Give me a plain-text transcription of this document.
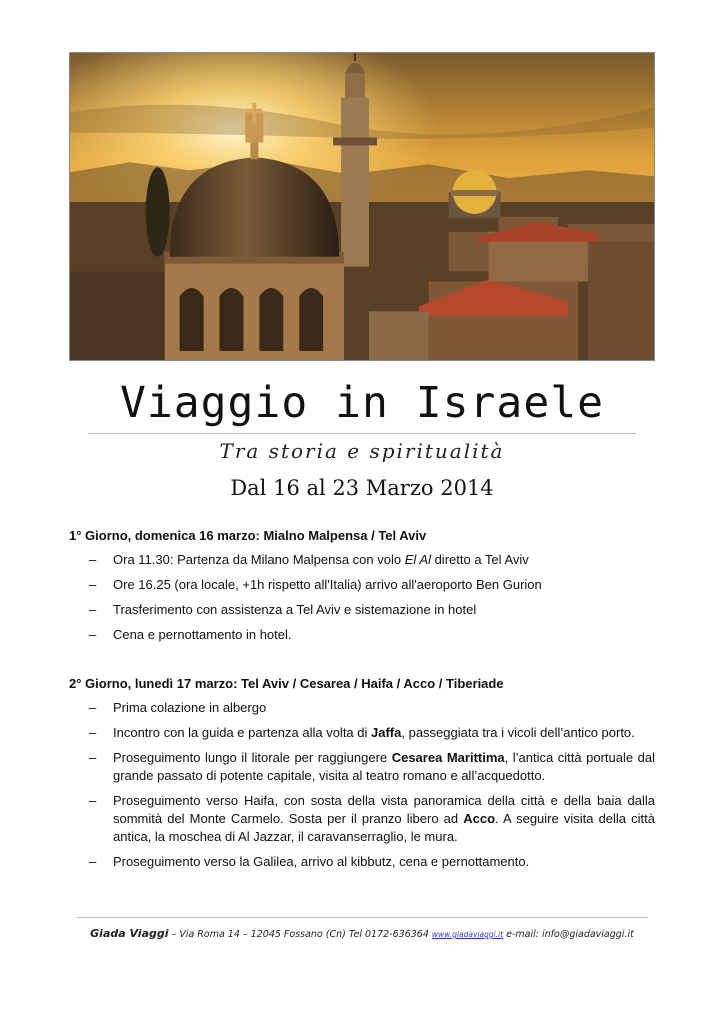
Viaggio in Israele
Tra storia e spiritualità
Dal 16 al 23 Marzo 2014
1° Giorno, domenica 16 marzo: Mialno Malpensa / Tel Aviv
– Ora 11.30: Partenza da Milano Malpensa con volo El Al diretto a Tel Aviv
– Ore 16.25 (ora locale, +1h rispetto all'Italia) arrivo all'aeroporto Ben Gurion
– Trasferimento con assistenza a Tel Aviv e sistemazione in hotel
– Cena e pernottamento in hotel.
2° Giorno, lunedì 17 marzo: Tel Aviv / Cesarea / Haifa / Acco / Tiberiade
– Prima colazione in albergo
– Incontro con la guida e partenza alla volta di Jaffa, passeggiata tra i vicoli dell’antico porto.
– Proseguimento lungo il litorale per raggiungere Cesarea Marittima, l’antica città portuale dal grande passato di potente capitale, visita al teatro romano e all’acquedotto.
– Proseguimento verso Haifa, con sosta della vista panoramica della città e della baia dalla sommità del Monte Carmelo. Sosta per il pranzo libero ad Acco. A seguire visita della città antica, la moschea di Al Jazzar, il caravanserraglio, le mura.
– Proseguimento verso la Galilea, arrivo al kibbutz, cena e pernottamento.
Giada Viaggi – Via Roma 14 – 12045 Fossano (Cn) Tel 0172-636364 www.giadaviaggi.it e-mail: info@giadaviaggi.it
